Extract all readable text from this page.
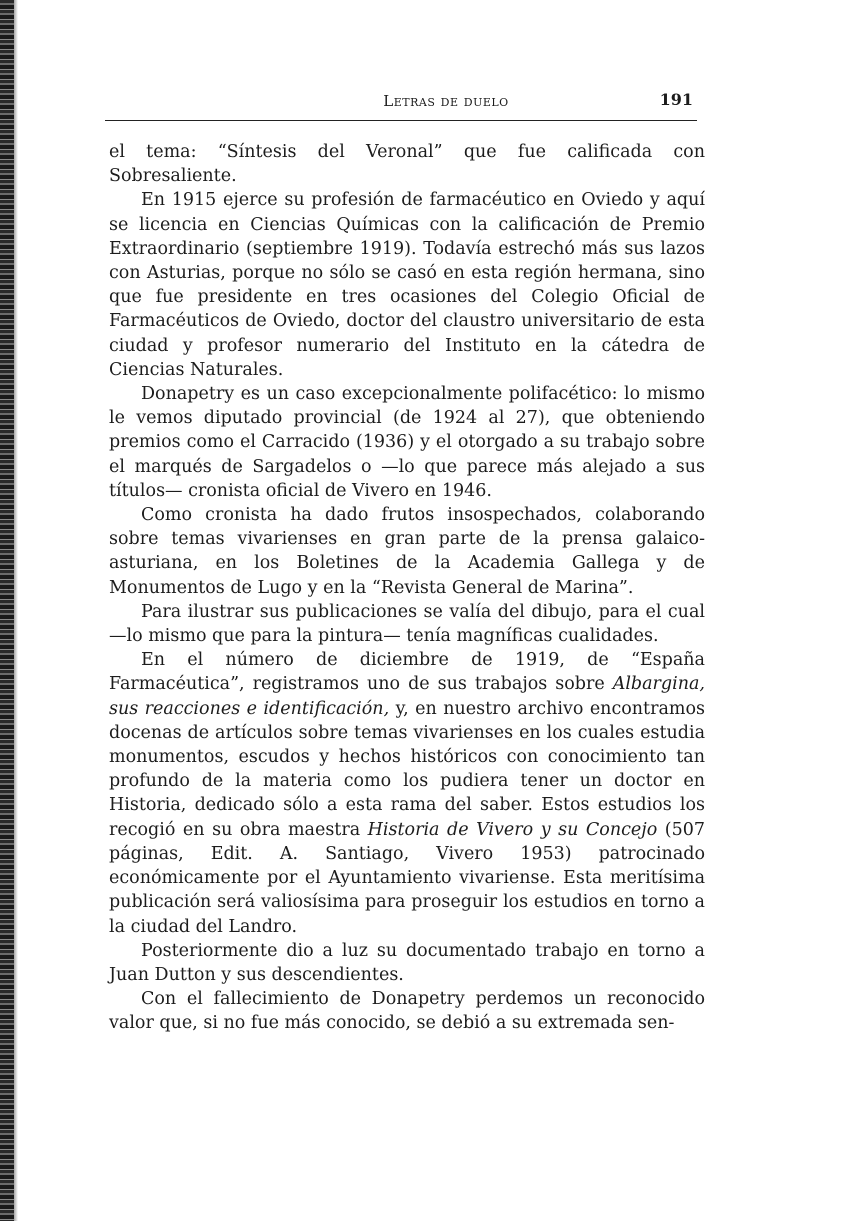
Letras de duelo	191

el tema: “Síntesis del Veronal” que fue calificada con Sobresaliente.

En 1915 ejerce su profesión de farmacéutico en Oviedo y aquí se licencia en Ciencias Químicas con la calificación de Premio Extraordinario (septiembre 1919). Todavía estrechó más sus lazos con Asturias, porque no sólo se casó en esta región hermana, sino que fue presidente en tres ocasiones del Colegio Oficial de Farmacéuticos de Oviedo, doctor del claustro universitario de esta ciudad y profesor numerario del Instituto en la cátedra de Ciencias Naturales.

Donapetry es un caso excepcionalmente polifacético: lo mismo le vemos diputado provincial (de 1924 al 27), que obteniendo premios como el Carracido (1936) y el otorgado a su trabajo sobre el marqués de Sargadelos o —lo que parece más alejado a sus títulos— cronista oficial de Vivero en 1946.

Como cronista ha dado frutos insospechados, colaborando sobre temas vivarienses en gran parte de la prensa galaico-asturiana, en los Boletines de la Academia Gallega y de Monumentos de Lugo y en la “Revista General de Marina”.

Para ilustrar sus publicaciones se valía del dibujo, para el cual —lo mismo que para la pintura— tenía magníficas cualidades.

En el número de diciembre de 1919, de “España Farmacéutica”, registramos uno de sus trabajos sobre Albargina, sus reacciones e identificación, y, en nuestro archivo encontramos docenas de artículos sobre temas vivarienses en los cuales estudia monumentos, escudos y hechos históricos con conocimiento tan profundo de la materia como los pudiera tener un doctor en Historia, dedicado sólo a esta rama del saber. Estos estudios los recogió en su obra maestra Historia de Vivero y su Concejo (507 páginas, Edit. A. Santiago, Vivero 1953) patrocinado económicamente por el Ayuntamiento vivariense. Esta meritísima publicación será valiosísima para proseguir los estudios en torno a la ciudad del Landro.

Posteriormente dio a luz su documentado trabajo en torno a Juan Dutton y sus descendientes.

Con el fallecimiento de Donapetry perdemos un reconocido valor que, si no fue más conocido, se debió a su extremada sen-
